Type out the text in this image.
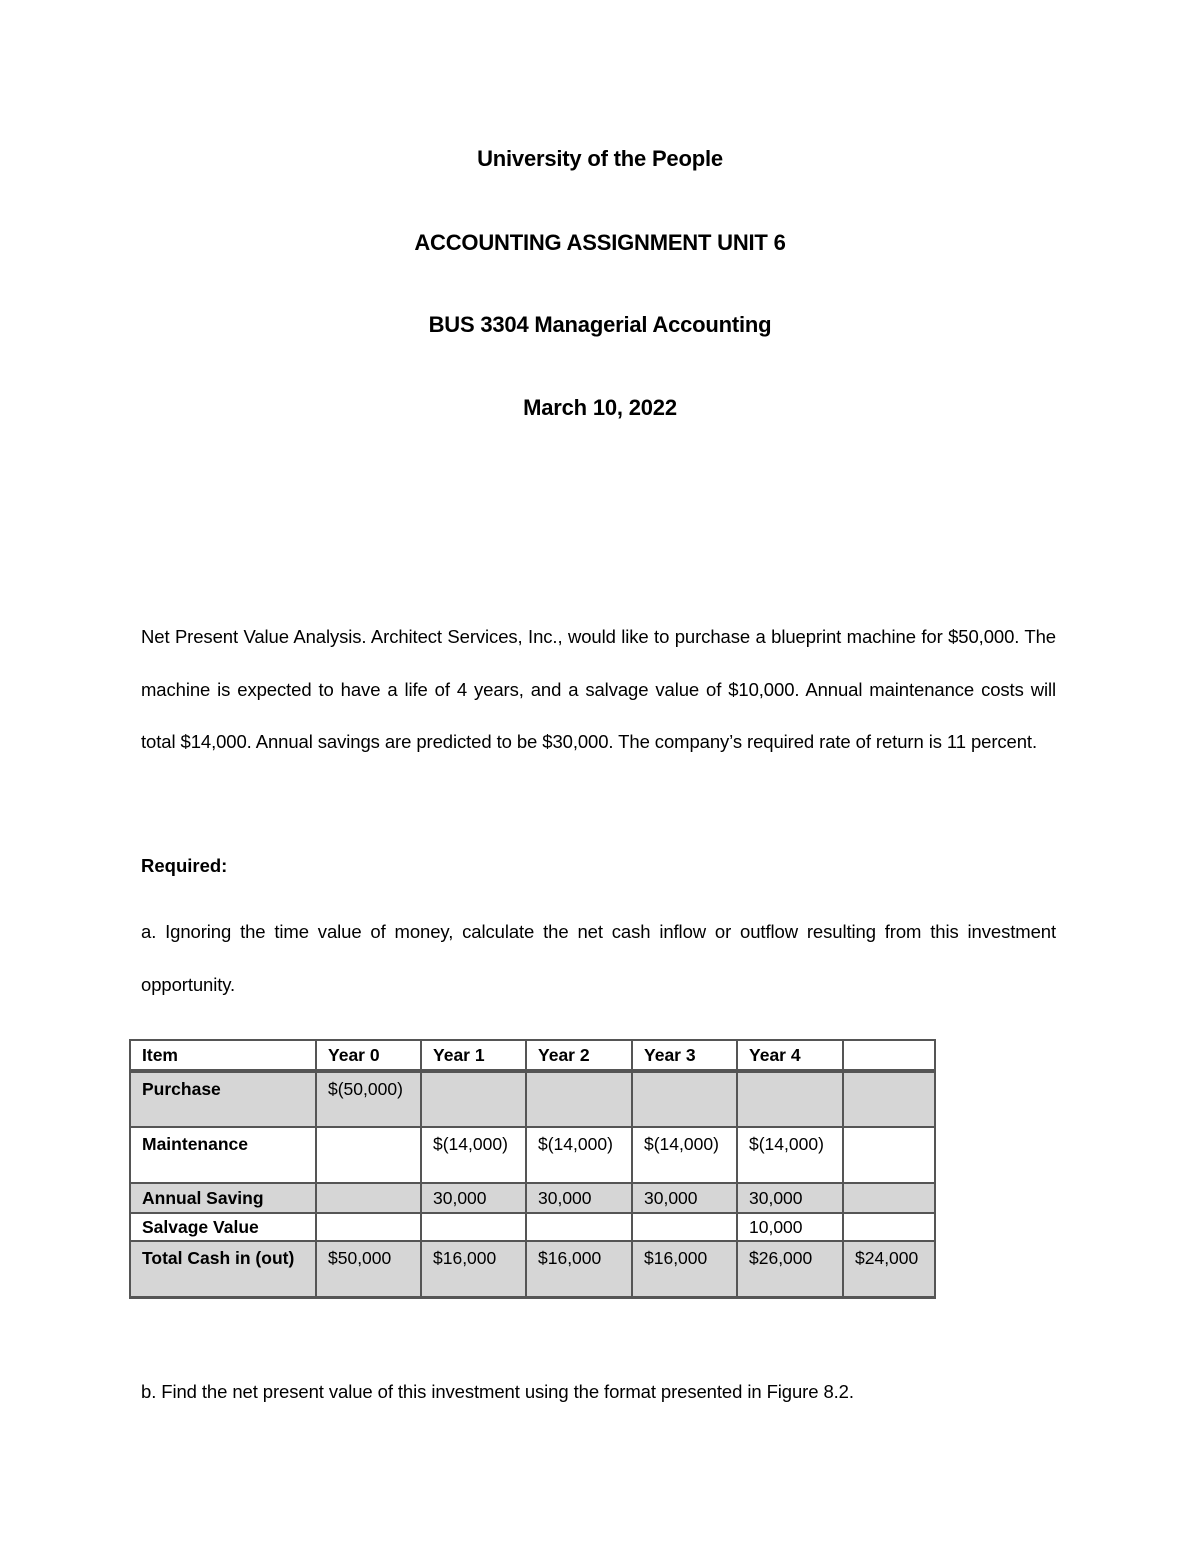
University of the People
ACCOUNTING ASSIGNMENT UNIT 6
BUS 3304 Managerial Accounting
March 10, 2022

Net Present Value Analysis. Architect Services, Inc., would like to purchase a blueprint machine for $50,000. The machine is expected to have a life of 4 years, and a salvage value of $10,000. Annual maintenance costs will total $14,000. Annual savings are predicted to be $30,000. The company’s required rate of return is 11 percent.

Required:

a. Ignoring the time value of money, calculate the net cash inflow or outflow resulting from this investment opportunity.

Item	Year 0	Year 1	Year 2	Year 3	Year 4	
Purchase	$(50,000)					
Maintenance		$(14,000)	$(14,000)	$(14,000)	$(14,000)	
Annual Saving		30,000	30,000	30,000	30,000	
Salvage Value					10,000	
Total Cash in (out)	$50,000	$16,000	$16,000	$16,000	$26,000	$24,000
b. Find the net present value of this investment using the format presented in Figure 8.2.
